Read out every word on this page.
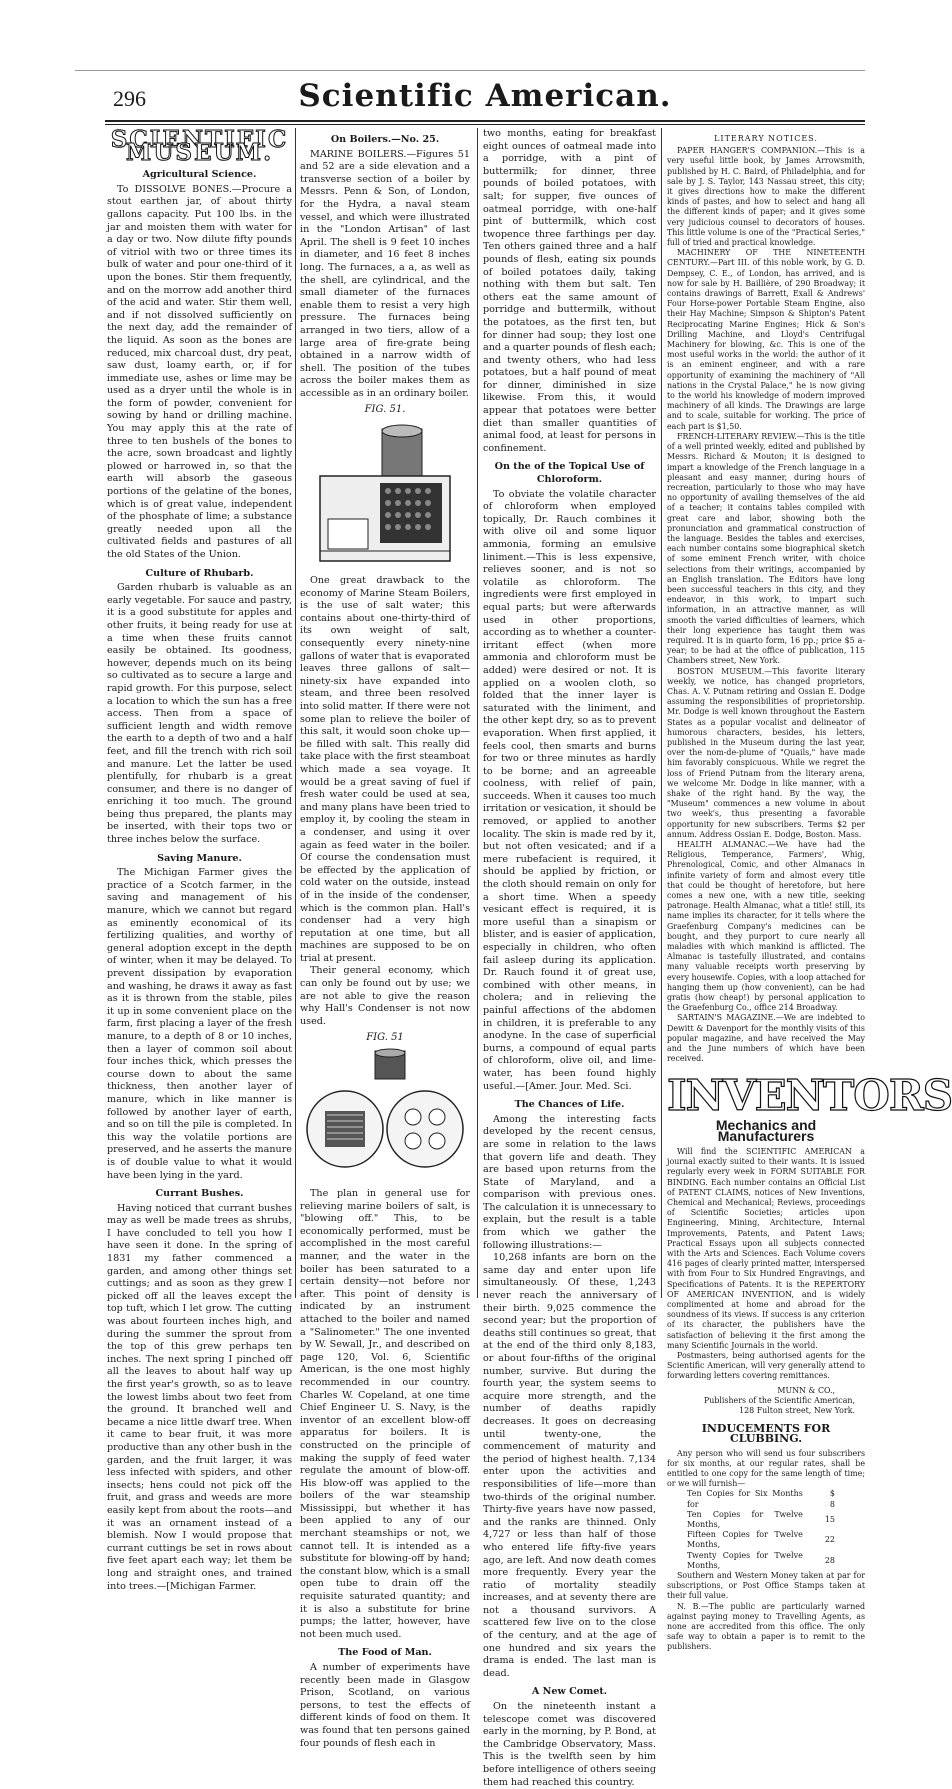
296	Scientific American.
SCIENTIFIC MUSEUM.
Agricultural Science.

To DISSOLVE BONES.—Procure a stout earthen jar, of about thirty gallons capacity. Put 100 lbs. in the jar and moisten them with water for a day or two. Now dilute fifty pounds of vitriol with two or three times its bulk of water and pour one-third of it upon the bones. Stir them frequently, and on the morrow add another third of the acid and water. Stir them well, and if not dissolved sufficiently on the next day, add the remainder of the liquid. As soon as the bones are reduced, mix charcoal dust, dry peat, saw dust, loamy earth, or, if for immediate use, ashes or lime may be used as a dryer until the whole is in the form of powder, convenient for sowing by hand or drilling machine. You may apply this at the rate of three to ten bushels of the bones to the acre, sown broadcast and lightly plowed or harrowed in, so that the earth will absorb the gaseous portions of the gelatine of the bones, which is of great value, independent of the phosphate of lime; a substance greatly needed upon all the cultivated fields and pastures of all the old States of the Union.

Culture of Rhubarb.

Garden rhubarb is valuable as an early vegetable. For sauce and pastry, it is a good substitute for apples and other fruits, it being ready for use at a time when these fruits cannot easily be obtained. Its goodness, however, depends much on its being so cultivated as to secure a large and rapid growth. For this purpose, select a location to which the sun has a free access. Then from a space of sufficient length and width remove the earth to a depth of two and a half feet, and fill the trench with rich soil and manure. Let the latter be used plentifully, for rhubarb is a great consumer, and there is no danger of enriching it too much. The ground being thus prepared, the plants may be inserted, with their tops two or three inches below the surface.

Saving Manure.

The Michigan Farmer gives the practice of a Scotch farmer, in the saving and management of his manure, which we cannot but regard as eminently economical of its fertilizing qualities, and worthy of general adoption except in the depth of winter, when it may be delayed. To prevent dissipation by evaporation and washing, he draws it away as fast as it is thrown from the stable, piles it up in some convenient place on the farm, first placing a layer of the fresh manure, to a depth of 8 or 10 inches, then a layer of common soil about four inches thick, which presses the course down to about the same thickness, then another layer of manure, which in like manner is followed by another layer of earth, and so on till the pile is completed. In this way the volatile portions are preserved, and he asserts the manure is of double value to what it would have been lying in the yard.

Currant Bushes.

Having noticed that currant bushes may as well be made trees as shrubs, I have concluded to tell you how I have seen it done. In the spring of 1831 my father commenced a garden, and among other things set cuttings; and as soon as they grew I picked off all the leaves except the top tuft, which I let grow. The cutting was about fourteen inches high, and during the summer the sprout from the top of this grew perhaps ten inches. The next spring I pinched off all the leaves to about half way up the first year's growth, so as to leave the lowest limbs about two feet from the ground. It branched well and became a nice little dwarf tree. When it came to bear fruit, it was more productive than any other bush in the garden, and the fruit larger, it was less infected with spiders, and other insects; hens could not pick off the fruit, and grass and weeds are more easily kept from about the roots—and it was an ornament instead of a blemish. Now I would propose that currant cuttings be set in rows about five feet apart each way; let them be long and straight ones, and trained into trees.—[Michigan Farmer.

On Boilers.—No. 25.

MARINE BOILERS.—Figures 51 and 52 are a side elevation and a transverse section of a boiler by Messrs. Penn & Son, of London, for the Hydra, a naval steam vessel, and which were illustrated in the "London Artisan" of last April. The shell is 9 feet 10 inches in diameter, and 16 feet 8 inches long. The furnaces, a a, as well as the shell, are cylindrical, and the small diameter of the furnaces enable them to resist a very high pressure. The furnaces being arranged in two tiers, allow of a large area of fire-grate being obtained in a narrow width of shell. The position of the tubes across the boiler makes them as accessible as in an ordinary boiler.

FIG. 51.

One great drawback to the economy of Marine Steam Boilers, is the use of salt water; this contains about one-thirty-third of its own weight of salt, consequently every ninety-nine gallons of water that is evaporated leaves three gallons of salt—ninety-six have expanded into steam, and three been resolved into solid matter. If there were not some plan to relieve the boiler of this salt, it would soon choke up—be filled with salt. This really did take place with the first steamboat which made a sea voyage. It would be a great saving of fuel if fresh water could be used at sea, and many plans have been tried to employ it, by cooling the steam in a condenser, and using it over again as feed water in the boiler. Of course the condensation must be effected by the application of cold water on the outside, instead of in the inside of the condenser, which is the common plan. Hall's condenser had a very high reputation at one time, but all machines are supposed to be on trial at present.

Their general economy, which can only be found out by use; we are not able to give the reason why Hall's Condenser is not now used.

FIG. 51

The plan in general use for relieving marine boilers of salt, is "blowing off." This, to be economically performed, must be accomplished in the most careful manner, and the water in the boiler has been saturated to a certain density—not before nor after. This point of density is indicated by an instrument attached to the boiler and named a "Salinometer." The one invented by W. Sewall, Jr., and described on page 120, Vol. 6, Scientific American, is the one most highly recommended in our country. Charles W. Copeland, at one time Chief Engineer U. S. Navy, is the inventor of an excellent blow-off apparatus for boilers. It is constructed on the principle of making the supply of feed water regulate the amount of blow-off. His blow-off was applied to the boilers of the war steamship Mississippi, but whether it has been applied to any of our merchant steamships or not, we cannot tell. It is intended as a substitute for blowing-off by hand; the constant blow, which is a small open tube to drain off the requisite saturated quantity; and it is also a substitute for brine pumps; the latter, however, have not been much used.

The Food of Man.

A number of experiments have recently been made in Glasgow Prison, Scotland, on various persons, to test the effects of different kinds of food on them. It was found that ten persons gained four pounds of flesh each in

two months, eating for breakfast eight ounces of oatmeal made into a porridge, with a pint of buttermilk; for dinner, three pounds of boiled potatoes, with salt; for supper, five ounces of oatmeal porridge, with one-half pint of buttermilk, which cost twopence three farthings per day. Ten others gained three and a half pounds of flesh, eating six pounds of boiled potatoes daily, taking nothing with them but salt. Ten others eat the same amount of porridge and buttermilk, without the potatoes, as the first ten, but for dinner had soup; they lost one and a quarter pounds of flesh each; and twenty others, who had less potatoes, but a half pound of meat for dinner, diminished in size likewise. From this, it would appear that potatoes were better diet than smaller quantities of animal food, at least for persons in confinement.

On the of the Topical Use of Chloroform.

To obviate the volatile character of chloroform when employed topically, Dr. Rauch combines it with olive oil and some liquor ammonia, forming an emulsive liniment.—This is less expensive, relieves sooner, and is not so volatile as chloroform. The ingredients were first employed in equal parts; but were afterwards used in other proportions, according as to whether a counter-irritant effect (when more ammonia and chloroform must be added) were desired or not. It is applied on a woolen cloth, so folded that the inner layer is saturated with the liniment, and the other kept dry, so as to prevent evaporation. When first applied, it feels cool, then smarts and burns for two or three minutes as hardly to be borne; and an agreeable coolness, with relief of pain, succeeds. When it causes too much irritation or vesication, it should be removed, or applied to another locality. The skin is made red by it, but not often vesicated; and if a mere rubefacient is required, it should be applied by friction, or the cloth should remain on only for a short time. When a speedy vesicant effect is required, it is more useful than a sinapism or blister, and is easier of application, especially in children, who often fail asleep during its application. Dr. Rauch found it of great use, combined with other means, in cholera; and in relieving the painful affections of the abdomen in children, it is preferable to any anodyne. In the case of superficial burns, a compound of equal parts of chloroform, olive oil, and lime-water, has been found highly useful.—[Amer. Jour. Med. Sci.

The Chances of Life.

Among the interesting facts developed by the recent census, are some in relation to the laws that govern life and death. They are based upon returns from the State of Maryland, and a comparison with previous ones. The calculation it is unnecessary to explain, but the result is a table from which we gather the following illustrations:—

10,268 infants are born on the same day and enter upon life simultaneously. Of these, 1,243 never reach the anniversary of their birth. 9,025 commence the second year; but the proportion of deaths still continues so great, that at the end of the third only 8,183, or about four-fifths of the original number, survive. But during the fourth year, the system seems to acquire more strength, and the number of deaths rapidly decreases. It goes on decreasing until twenty-one, the commencement of maturity and the period of highest health. 7,134 enter upon the activities and responsibilities of life—more than two-thirds of the original number. Thirty-five years have now passed, and the ranks are thinned. Only 4,727 or less than half of those who entered life fifty-five years ago, are left. And now death comes more frequently. Every year the ratio of mortality steadily increases, and at seventy there are not a thousand survivors. A scattered few live on to the close of the century, and at the age of one hundred and six years the drama is ended. The last man is dead.

A New Comet.

On the nineteenth instant a telescope comet was discovered early in the morning, by P. Bond, at the Cambridge Observatory, Mass. This is the twelfth seen by him before intelligence of others seeing them had reached this country.

LITERARY NOTICES.

PAPER HANGER'S COMPANION.—This is a very useful little book, by James Arrowsmith, published by H. C. Baird, of Philadelphia, and for sale by J. S. Taylor, 143 Nassau street, this city; it gives directions how to make the different kinds of pastes, and how to select and hang all the different kinds of paper; and it gives some very judicious counsel to decorators of houses. This little volume is one of the "Practical Series," full of tried and practical knowledge.

MACHINERY OF THE NINETEENTH CENTURY.—Part III. of this noble work, by G. D. Dempsey, C. E., of London, has arrived, and is now for sale by H. Baillière, of 290 Broadway; it contains drawings of Barrett, Exall & Andrews' Four Horse-power Portable Steam Engine, also their Hay Machine; Simpson & Shipton's Patent Reciprocating Marine Engines; Hick & Son's Drilling Machine, and Lloyd's Centrifugal Machinery for blowing, &c. This is one of the most useful works in the world: the author of it is an eminent engineer, and with a rare opportunity of examining the machinery of "All nations in the Crystal Palace," he is now giving to the world his knowledge of modern improved machinery of all kinds. The Drawings are large and to scale, suitable for working. The price of each part is $1,50.

FRENCH-LITERARY REVIEW.—This is the title of a well printed weekly, edited and published by Messrs. Richard & Mouton; it is designed to impart a knowledge of the French language in a pleasant and easy manner, during hours of recreation, particularly to those who may have no opportunity of availing themselves of the aid of a teacher; it contains tables compiled with great care and labor, showing both the pronunciation and grammatical construction of the language. Besides the tables and exercises, each number contains some biographical sketch of some eminent French writer, with choice selections from their writings, accompanied by an English translation. The Editors have long been successful teachers in this city, and they endeavor, in this work, to impart such information, in an attractive manner, as will smooth the varied difficulties of learners, which their long experience has taught them was required. It is in quarto form, 16 pp.; price $5 a-year; to be had at the office of publication, 115 Chambers street, New York.

BOSTON MUSEUM.—This favorite literary weekly, we notice, has changed proprietors, Chas. A. V. Putnam retiring and Ossian E. Dodge assuming the responsibilities of proprietorship. Mr. Dodge is well known throughout the Eastern States as a popular vocalist and delineator of humorous characters, besides, his letters, published in the Museum during the last year, over the nom-de-plume of "Quails," have made him favorably conspicuous. While we regret the loss of Friend Putnam from the literary arena, we welcome Mr. Dodge in like manner, with a shake of the right hand. By the way, the "Museum" commences a new volume in about two week's, thus presenting a favorable opportunity for new subscribers. Terms $2 per annum. Address Ossian E. Dodge, Boston. Mass.

HEALTH ALMANAC.—We have had the Religious, Temperance, Farmers', Whig, Phrenological, Comic, and other Almanacs in infinite variety of form and almost every title that could be thought of heretofore, but here comes a new one, with a new title, seeking patronage. Health Almanac, what a title! still, its name implies its character, for it tells where the Graefenburg Company's medicines can be bought, and they purport to cure nearly all maladies with which mankind is afflicted. The Almanac is tastefully illustrated, and contains many valuable receipts worth preserving by every housewife. Copies, with a loop attached for hanging them up (how convenient), can be had gratis (how cheap!) by personal application to the Graefenburg Co., office 214 Broadway.

SARTAIN'S MAGAZINE.—We are indebted to Dewitt & Davenport for the monthly visits of this popular magazine, and have received the May and the June numbers of which have been received.

INVENTORS
Mechanics and Manufacturers

Will find the SCIENTIFIC AMERICAN a journal exactly suited to their wants. It is issued regularly every week in FORM SUITABLE FOR BINDING. Each number contains an Official List of PATENT CLAIMS, notices of New Inventions, Chemical and Mechanical; Reviews, proceedings of Scientific Societies; articles upon Engineering, Mining, Architecture, Internal Improvements, Patents, and Patent Laws; Practical Essays upon all subjects connected with the Arts and Sciences. Each Volume covers 416 pages of clearly printed matter, interspersed with from Four to Six Hundred Engravings, and Specifications of Patents. It is the REPERTORY OF AMERICAN INVENTION, and is widely complimented at home and abroad for the soundness of its views. If success is any criterion of its character, the publishers have the satisfaction of believing it the first among the many Scientific Journals in the world.

Postmasters, being authorised agents for the Scientific American, will very generally attend to forwarding letters covering remittances.

MUNN & CO.,
Publishers of the Scientific American,
128 Fulton street, New York.
INDUCEMENTS FOR CLUBBING.

Any person who will send us four subscribers for six months, at our regular rates, shall be entitled to one copy for the same length of time; or we will furnish—

Ten Copies for Six Months for	$ 8
Ten Copies for Twelve Months,	15
Fifteen Copies for Twelve Months,	22
Twenty Copies for Twelve Months,	28

Southern and Western Money taken at par for subscriptions, or Post Office Stamps taken at their full value.

N. B.—The public are particularly warned against paying money to Travelling Agents, as none are accredited from this office. The only safe way to obtain a paper is to remit to the publishers.
